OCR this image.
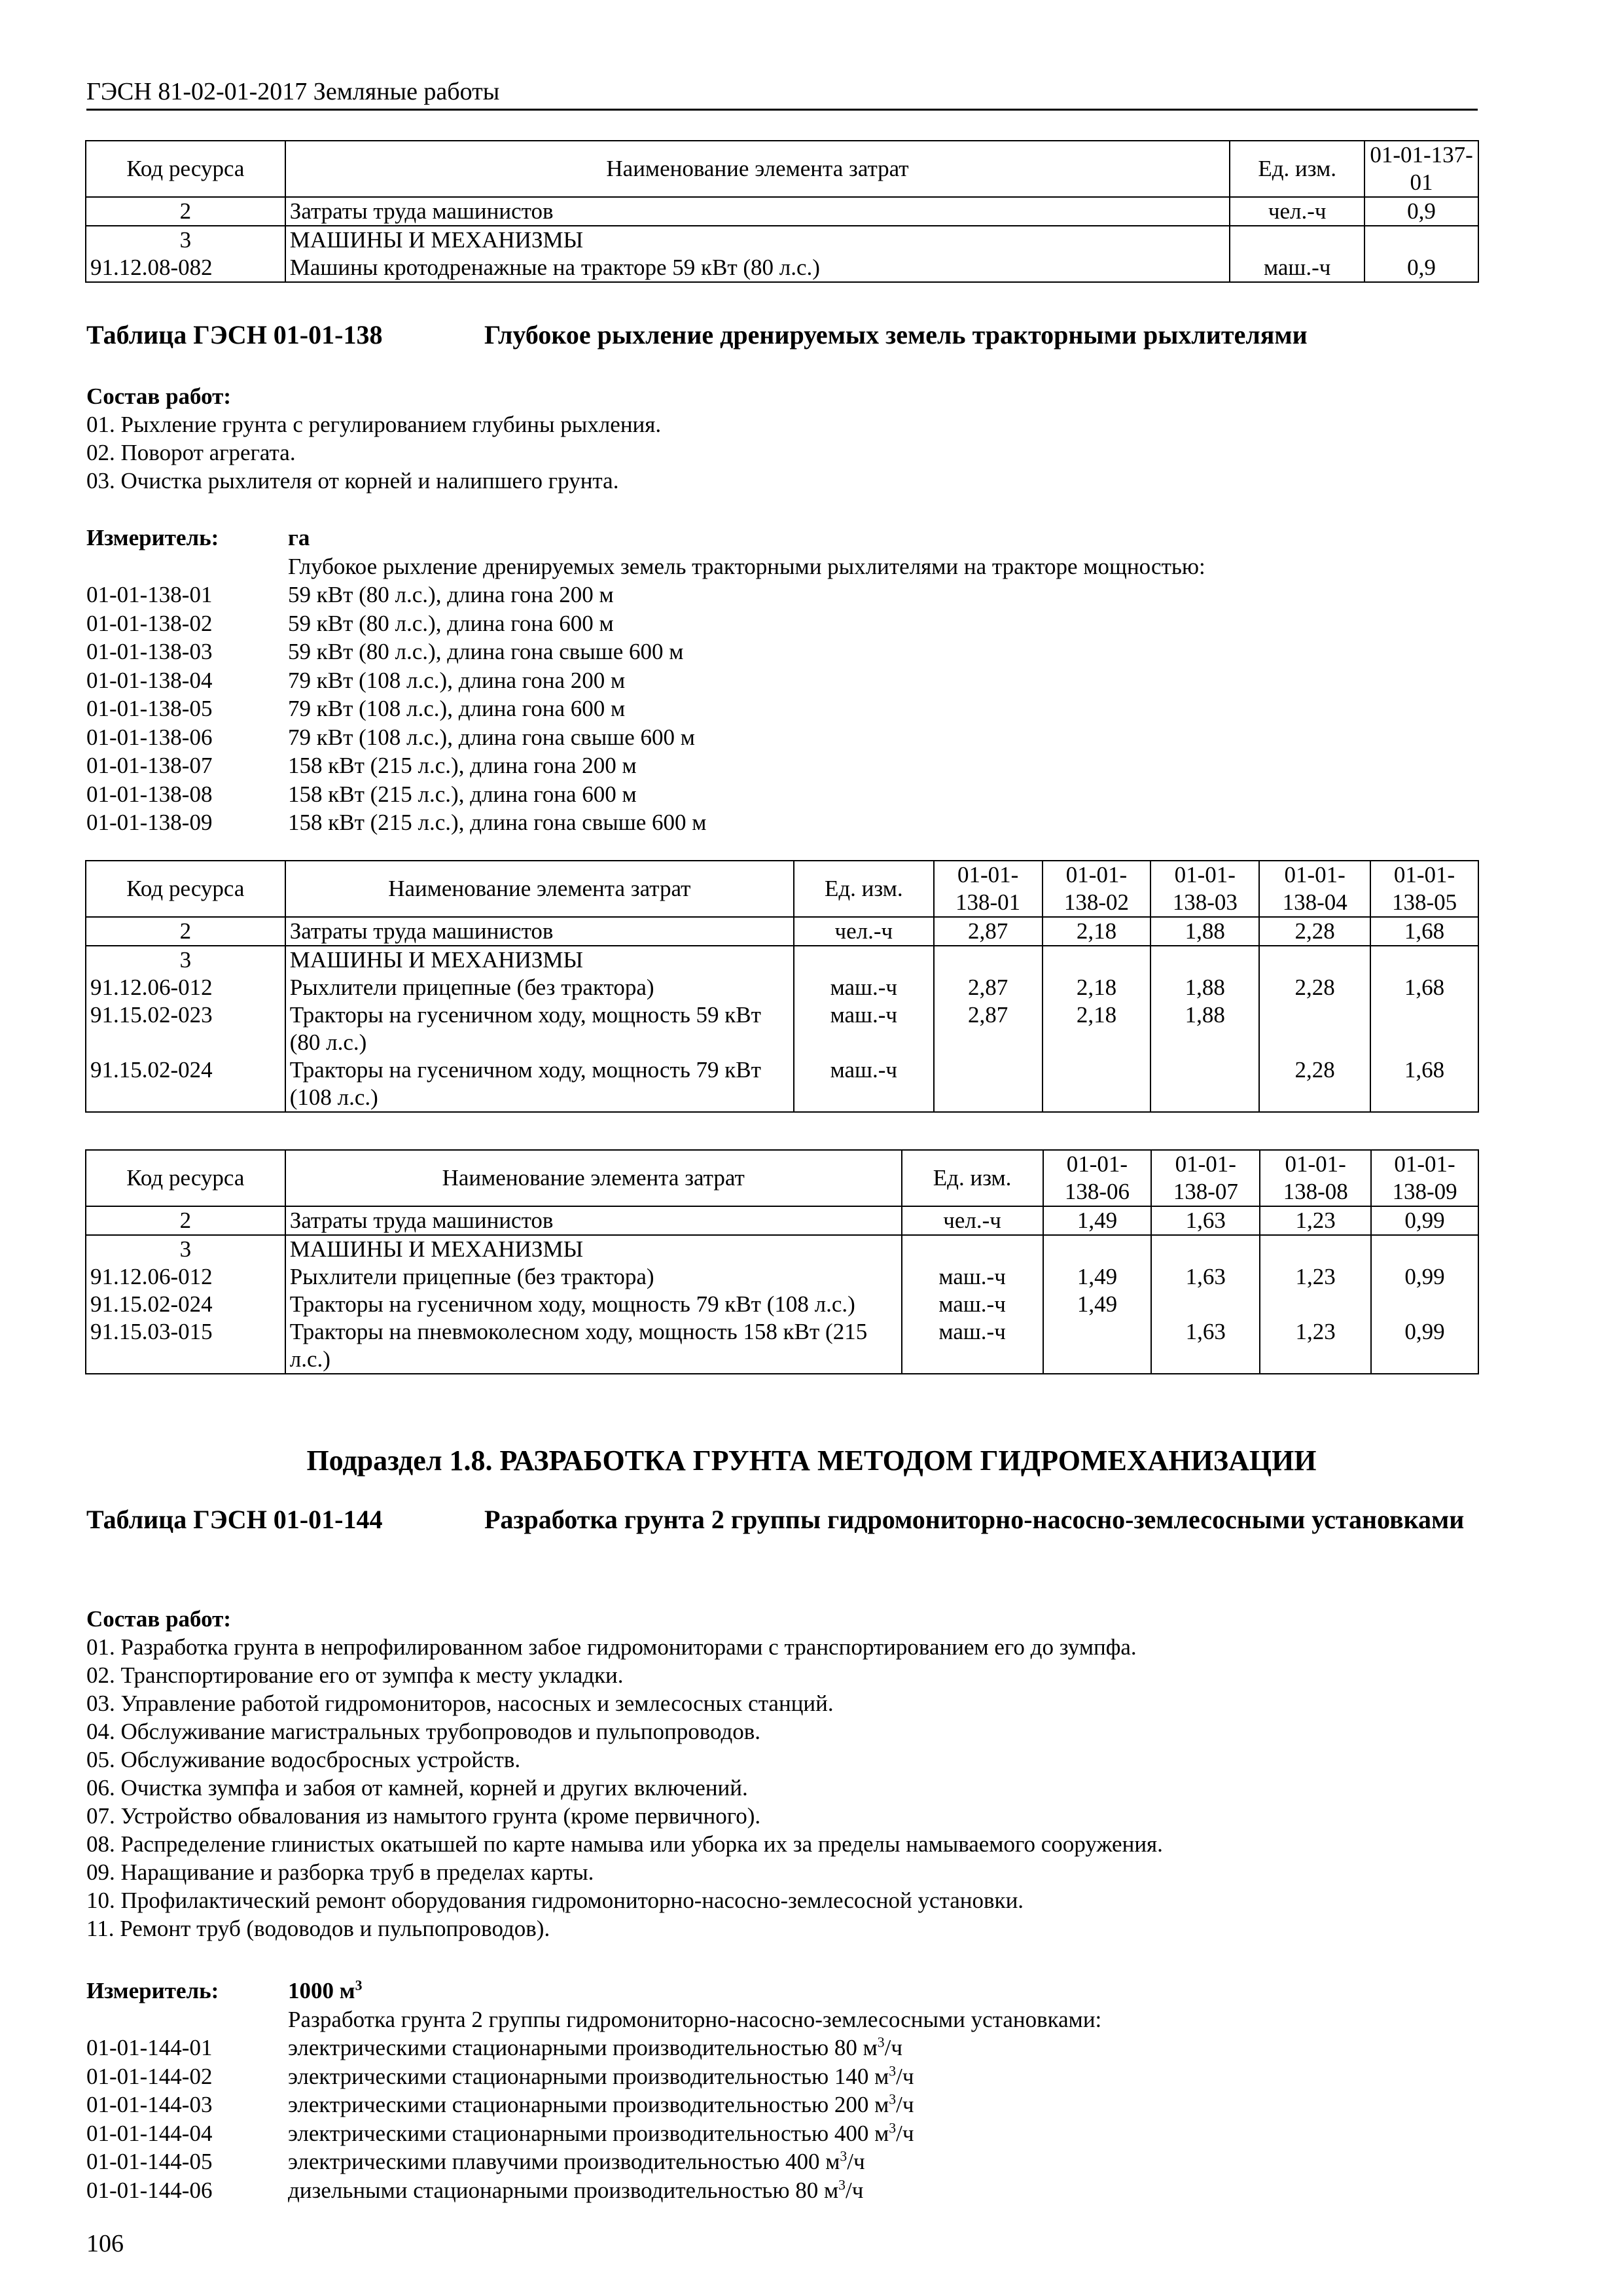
ГЭСН 81-02-01-2017 Земляные работы
Код ресурса	Наименование элемента затрат	Ед. изм.	01-01-137-01
2	Затраты труда машинистов	чел.-ч	0,9
3	МАШИНЫ И МЕХАНИЗМЫ		
91.12.08-082	Машины кротодренажные на тракторе 59 кВт (80 л.с.)	маш.-ч	0,9
Таблица ГЭСН 01-01-138	Глубокое рыхление дренируемых земель тракторными рыхлителями
Состав работ:
01. Рыхление грунта с регулированием глубины рыхления.
02. Поворот агрегата.
03. Очистка рыхлителя от корней и налипшего грунта.
Измеритель:	га
Глубокое рыхление дренируемых земель тракторными рыхлителями на тракторе мощностью:
01-01-138-01	59 кВт (80 л.с.), длина гона 200 м
01-01-138-02	59 кВт (80 л.с.), длина гона 600 м
01-01-138-03	59 кВт (80 л.с.), длина гона свыше 600 м
01-01-138-04	79 кВт (108 л.с.), длина гона 200 м
01-01-138-05	79 кВт (108 л.с.), длина гона 600 м
01-01-138-06	79 кВт (108 л.с.), длина гона свыше 600 м
01-01-138-07	158 кВт (215 л.с.), длина гона 200 м
01-01-138-08	158 кВт (215 л.с.), длина гона 600 м
01-01-138-09	158 кВт (215 л.с.), длина гона свыше 600 м
Код ресурса	Наименование элемента затрат	Ед. изм.	01-01-138-01	01-01-138-02	01-01-138-03	01-01-138-04	01-01-138-05
2	Затраты труда машинистов	чел.-ч	2,87	2,18	1,88	2,28	1,68
3	МАШИНЫ И МЕХАНИЗМЫ						
91.12.06-012	Рыхлители прицепные (без трактора)	маш.-ч	2,87	2,18	1,88	2,28	1,68
91.15.02-023	Тракторы на гусеничном ходу, мощность 59 кВт (80 л.с.)	маш.-ч	2,87	2,18	1,88		
91.15.02-024	Тракторы на гусеничном ходу, мощность 79 кВт (108 л.с.)	маш.-ч				2,28	1,68
Код ресурса	Наименование элемента затрат	Ед. изм.	01-01-138-06	01-01-138-07	01-01-138-08	01-01-138-09
2	Затраты труда машинистов	чел.-ч	1,49	1,63	1,23	0,99
3	МАШИНЫ И МЕХАНИЗМЫ					
91.12.06-012	Рыхлители прицепные (без трактора)	маш.-ч	1,49	1,63	1,23	0,99
91.15.02-024	Тракторы на гусеничном ходу, мощность 79 кВт (108 л.с.)	маш.-ч	1,49			
91.15.03-015	Тракторы на пневмоколесном ходу, мощность 158 кВт (215 л.с.)	маш.-ч		1,63	1,23	0,99
Подраздел 1.8. РАЗРАБОТКА ГРУНТА МЕТОДОМ ГИДРОМЕХАНИЗАЦИИ
Таблица ГЭСН 01-01-144	Разработка грунта 2 группы гидромониторно-насосно-землесосными установками
Состав работ:
01. Разработка грунта в непрофилированном забое гидромониторами с транспортированием его до зумпфа.
02. Транспортирование его от зумпфа к месту укладки.
03. Управление работой гидромониторов, насосных и землесосных станций.
04. Обслуживание магистральных трубопроводов и пульпопроводов.
05. Обслуживание водосбросных устройств.
06. Очистка зумпфа и забоя от камней, корней и других включений.
07. Устройство обвалования из намытого грунта (кроме первичного).
08. Распределение глинистых окатышей по карте намыва или уборка их за пределы намываемого сооружения.
09. Наращивание и разборка труб в пределах карты.
10. Профилактический ремонт оборудования гидромониторно-насосно-землесосной установки.
11. Ремонт труб (водоводов и пульпопроводов).
Измеритель:	1000 $м^3$
Разработка грунта 2 группы гидромониторно-насосно-землесосными установками:
01-01-144-01	электрическими стационарными производительностью 80 $м^3/ч$
01-01-144-02	электрическими стационарными производительностью 140 $м^3/ч$
01-01-144-03	электрическими стационарными производительностью 200 $м^3/ч$
01-01-144-04	электрическими стационарными производительностью 400 $м^3/ч$
01-01-144-05	электрическими плавучими производительностью 400 $м^3/ч$
01-01-144-06	дизельными стационарными производительностью 80 $м^3/ч$
106
